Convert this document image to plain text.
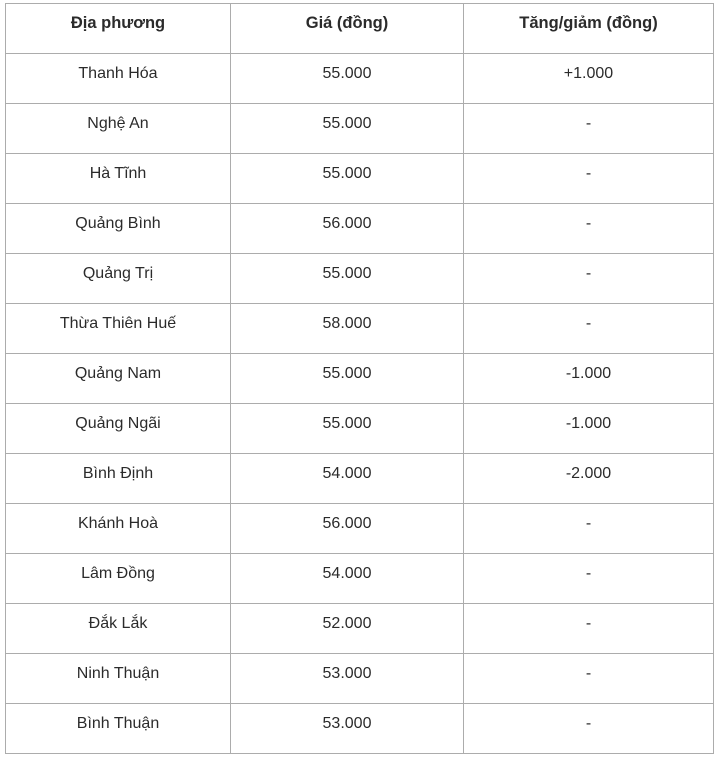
Địa phương	Giá (đồng)	Tăng/giảm (đồng)
Thanh Hóa	55.000	+1.000
Nghệ An	55.000	-
Hà Tĩnh	55.000	-
Quảng Bình	56.000	-
Quảng Trị	55.000	-
Thừa Thiên Huế	58.000	-
Quảng Nam	55.000	-1.000
Quảng Ngãi	55.000	-1.000
Bình Định	54.000	-2.000
Khánh Hoà	56.000	-
Lâm Đồng	54.000	-
Đắk Lắk	52.000	-
Ninh Thuận	53.000	-
Bình Thuận	53.000	-
